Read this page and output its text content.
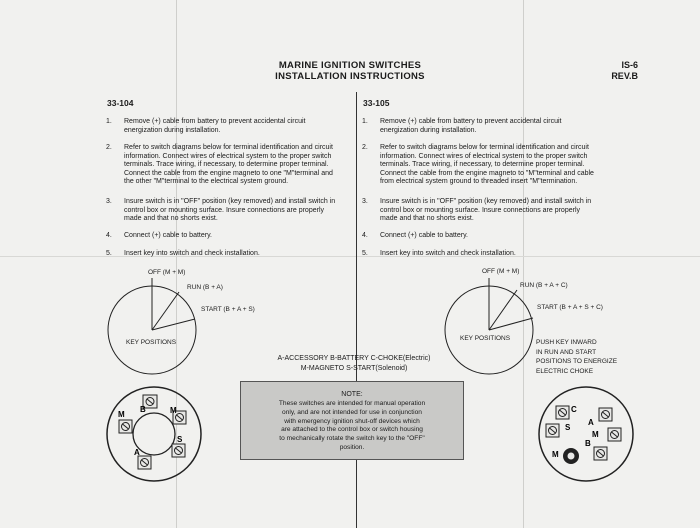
MARINE IGNITION SWITCHES
INSTALLATION INSTRUCTIONS
IS-6
REV.B
33-104
1. Remove (+) cable from battery to prevent accidental circuit
energization during installation.
2. Refer to switch diagrams below for terminal identification and circuit
information. Connect wires of electrical system to the proper switch
terminals. Trace wiring, if necessary, to determine proper terminal.
Connect the cable from the engine magneto to one "M"terminal and
the other "M"terminal to the electrical system ground.
3. Insure switch is in "OFF" position (key removed) and install switch in
control box or mounting surface. Insure connections are properly
made and that no shorts exist.
4. Connect (+) cable to battery.
5. Insert key into switch and check installation.
33-105
1. Remove (+) cable from battery to prevent accidental circuit
energization during installation.
2. Refer to switch diagrams below for terminal identification and circuit
information. Connect wires of electrical system to the proper switch
terminals. Trace wiring, if necessary, to determine proper terminal.
Connect the cable from the engine magneto to "M"terminal and cable
from electrical system ground to threaded insert "M"termination.
3. Insure switch is in "OFF" position (key removed) and install switch in
control box or mounting surface. Insure connections are properly
made and that no shorts exist.
4. Connect (+) cable to battery.
5. Insert key into switch and check installation.
OFF (M + M)
RUN (B + A)
START (B + A + S)
KEY POSITIONS
OFF (M + M)
RUN (B + A + C)
START (B + A + S + C)
KEY POSITIONS
PUSH KEY INWARD
IN RUN AND START
POSITIONS TO ENERGIZE
ELECTRIC CHOKE
A-ACCESSORY B-BATTERY C-CHOKE(Electric)
M-MAGNETO S-START(Solenoid)
NOTE:
These switches are intended for manual operation
only, and are not intended for use in conjunction
with emergency ignition shut-off devices which
are attached to the control box or switch housing
to mechanically rotate the switch key to the "OFF"
position.
B
M	M
A
S
C
S
A
M
B
M
